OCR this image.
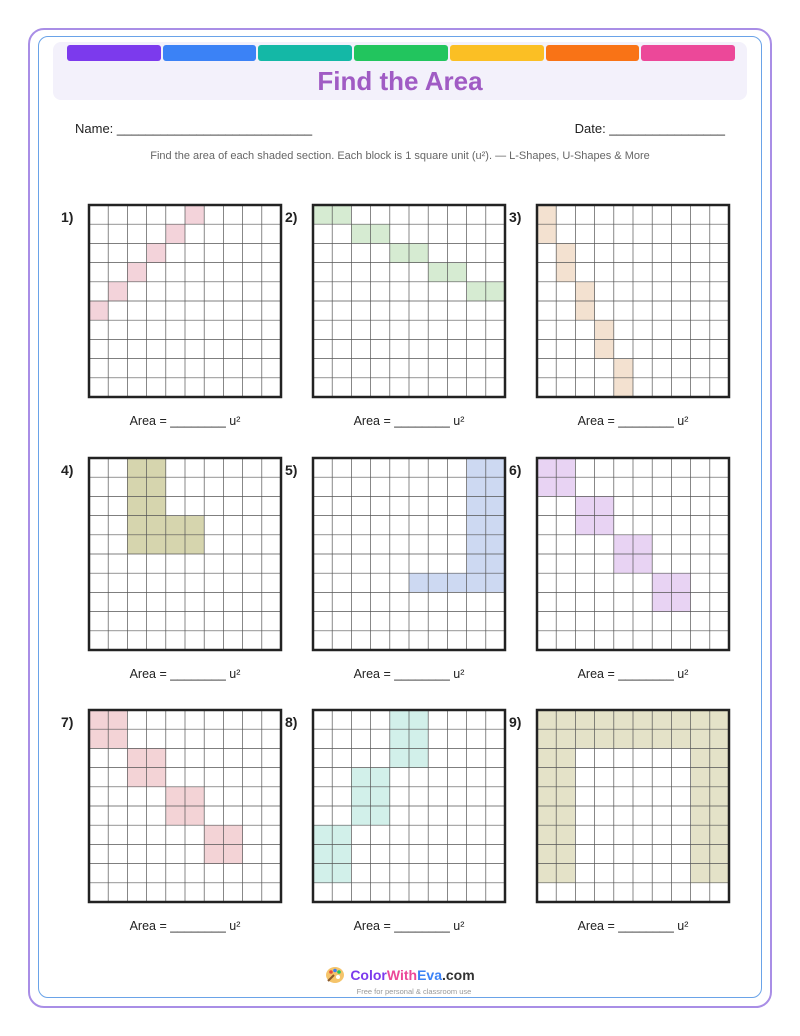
Find the Area
Name: ___________________________	Date: ________________
Find the area of each shaded section. Each block is 1 square unit (u²). — L-Shapes, U-Shapes & More
1)
Area = ________ u²
2)
Area = ________ u²
3)
Area = ________ u²
4)
Area = ________ u²
5)
Area = ________ u²
6)
Area = ________ u²
7)
Area = ________ u²
8)
Area = ________ u²
9)
Area = ________ u²
ColorWithEva.com
Free for personal & classroom use
